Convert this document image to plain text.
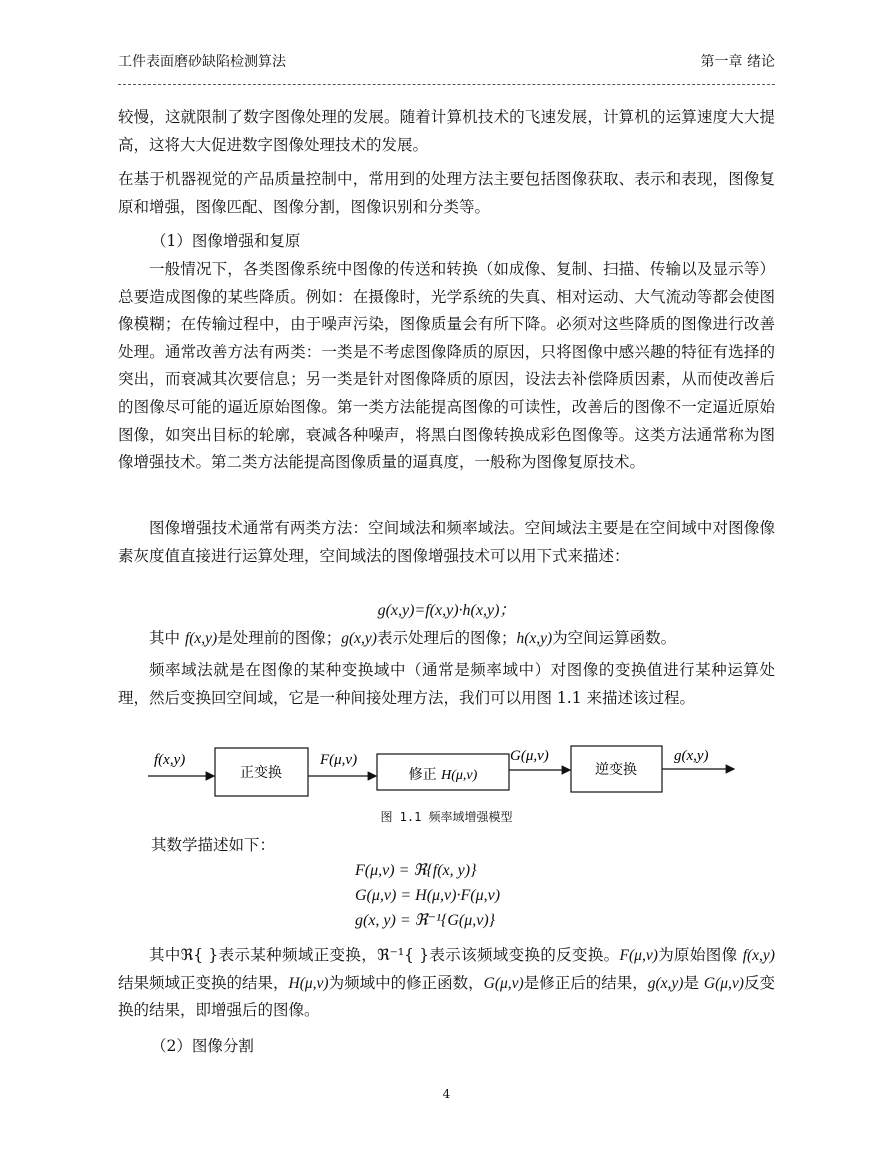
工件表面磨砂缺陷检测算法	第一章 绪论

较慢，这就限制了数字图像处理的发展。随着计算机技术的飞速发展，计算机的运算速度大大提高，这将大大促进数字图像处理技术的发展。

在基于机器视觉的产品质量控制中，常用到的处理方法主要包括图像获取、表示和表现，图像复原和增强，图像匹配、图像分割，图像识别和分类等。

（1）图像增强和复原

一般情况下，各类图像系统中图像的传送和转换（如成像、复制、扫描、传输以及显示等）总要造成图像的某些降质。例如：在摄像时，光学系统的失真、相对运动、大气流动等都会使图像模糊；在传输过程中，由于噪声污染，图像质量会有所下降。必须对这些降质的图像进行改善处理。通常改善方法有两类：一类是不考虑图像降质的原因，只将图像中感兴趣的特征有选择的突出，而衰减其次要信息；另一类是针对图像降质的原因，设法去补偿降质因素，从而使改善后的图像尽可能的逼近原始图像。第一类方法能提高图像的可读性，改善后的图像不一定逼近原始图像，如突出目标的轮廓，衰减各种噪声，将黑白图像转换成彩色图像等。这类方法通常称为图像增强技术。第二类方法能提高图像质量的逼真度，一般称为图像复原技术。

图像增强技术通常有两类方法：空间域法和频率域法。空间域法主要是在空间域中对图像像素灰度值直接进行运算处理，空间域法的图像增强技术可以用下式来描述：

g(x,y)=f(x,y)·h(x,y)；

其中 f(x,y)是处理前的图像；g(x,y)表示处理后的图像；h(x,y)为空间运算函数。

频率域法就是在图像的某种变换域中（通常是频率域中）对图像的变换值进行某种运算处理，然后变换回空间域，它是一种间接处理方法，我们可以用图 1.1 来描述该过程。

f(x,y)
正变换
F(μ,ν)
修正 H(μ,ν)
G(μ,ν)
逆变换
g(x,y)
图 1.1 频率域增强模型

其数学描述如下：

F(μ,ν) = ℜ{f(x, y)}
G(μ,ν) = H(μ,ν)·F(μ,ν)
g(x, y) = ℜ⁻¹{G(μ,ν)}

其中ℜ{ }表示某种频域正变换，ℜ⁻¹{ }表示该频域变换的反变换。F(μ,ν)为原始图像 f(x,y)结果频域正变换的结果，H(μ,ν)为频域中的修正函数，G(μ,ν)是修正后的结果，g(x,y)是 G(μ,ν)反变换的结果，即增强后的图像。

（2）图像分割

4
